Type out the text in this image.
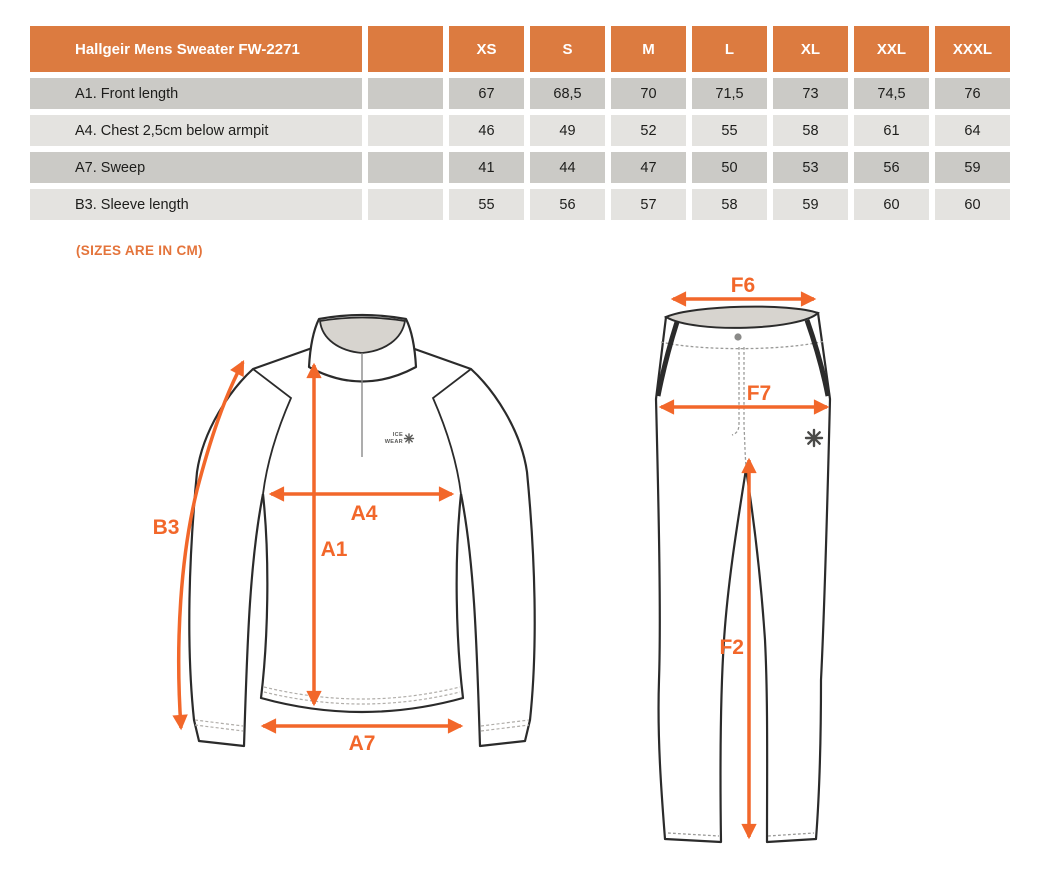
Hallgeir Mens Sweater FW-2271		XS	S	M	L	XL	XXL	XXXL
A1. Front length		67	68,5	70	71,5	73	74,5	76
A4. Chest 2,5cm below armpit		46	49	52	55	58	61	64
A7. Sweep		41	44	47	50	53	56	59
B3. Sleeve length		55	56	57	58	59	60	60
(SIZES ARE IN CM)
ICE
WEAR
B3
A4
A1
A7
F6
F7
F2
